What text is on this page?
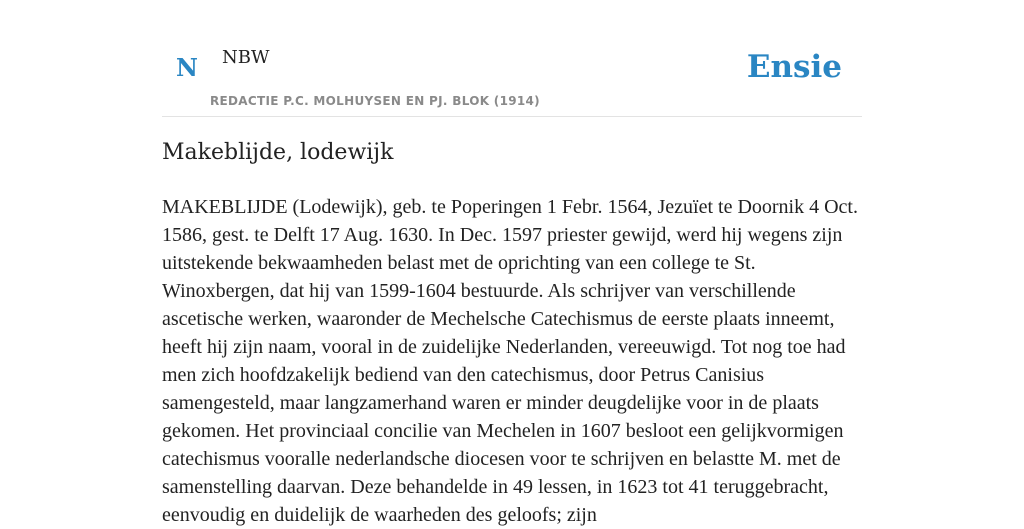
N NBW
REDACTIE P.C. MOLHUYSEN EN PJ. BLOK (1914)
Ensie
Makeblijde, lodewijk

MAKEBLIJDE (Lodewijk), geb. te Poperingen 1 Febr. 1564, Jezuïet te Doornik 4 Oct. 1586, gest. te Delft 17 Aug. 1630. In Dec. 1597 priester gewijd, werd hij wegens zijn uitstekende bekwaamheden belast met de oprichting van een college te St. Winoxbergen, dat hij van 1599-1604 bestuurde. Als schrijver van verschillende ascetische werken, waaronder de Mechelsche Catechismus de eerste plaats inneemt, heeft hij zijn naam, vooral in de zuidelijke Nederlanden, vereeuwigd. Tot nog toe had men zich hoofdzakelijk bediend van den catechismus, door Petrus Canisius samengesteld, maar langzamerhand waren er minder deugdelijke voor in de plaats gekomen. Het provinciaal concilie van Mechelen in 1607 besloot een gelijkvormigen catechismus vooralle nederlandsche diocesen voor te schrijven en belastte M. met de samenstelling daarvan. Deze behandelde in 49 lessen, in 1623 tot 41 teruggebracht, eenvoudig en duidelijk de waarheden des geloofs; zijn
